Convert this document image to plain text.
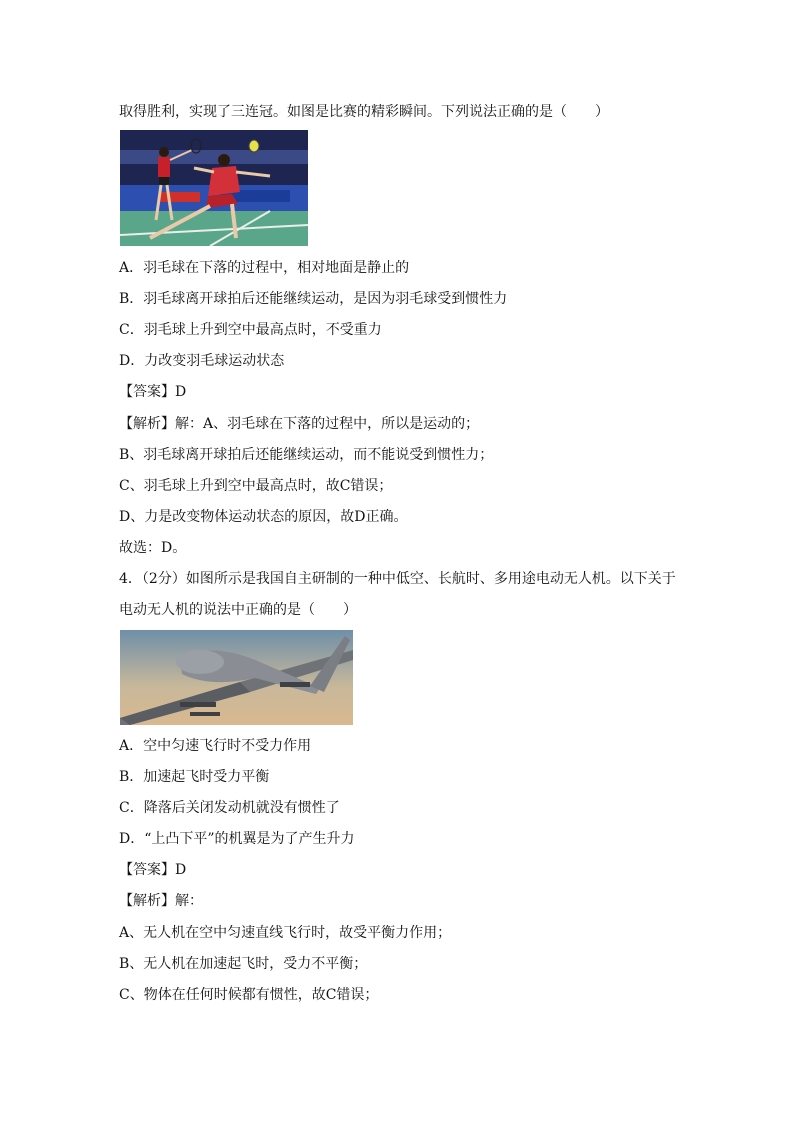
取得胜利，实现了三连冠。如图是比赛的精彩瞬间。下列说法正确的是（　　）
A．羽毛球在下落的过程中，相对地面是静止的
B．羽毛球离开球拍后还能继续运动，是因为羽毛球受到惯性力
C．羽毛球上升到空中最高点时，不受重力
D．力改变羽毛球运动状态
【答案】D
【解析】解：A、羽毛球在下落的过程中，所以是运动的；
B、羽毛球离开球拍后还能继续运动，而不能说受到惯性力；
C、羽毛球上升到空中最高点时，故C错误；
D、力是改变物体运动状态的原因，故D正确。
故选：D。
4．（2分）如图所示是我国自主研制的一种中低空、长航时、多用途电动无人机。以下关于
电动无人机的说法中正确的是（　　）
A．空中匀速飞行时不受力作用
B．加速起飞时受力平衡
C．降落后关闭发动机就没有惯性了
D．“上凸下平”的机翼是为了产生升力
【答案】D
【解析】解：
A、无人机在空中匀速直线飞行时，故受平衡力作用；
B、无人机在加速起飞时，受力不平衡；
C、物体在任何时候都有惯性，故C错误；
